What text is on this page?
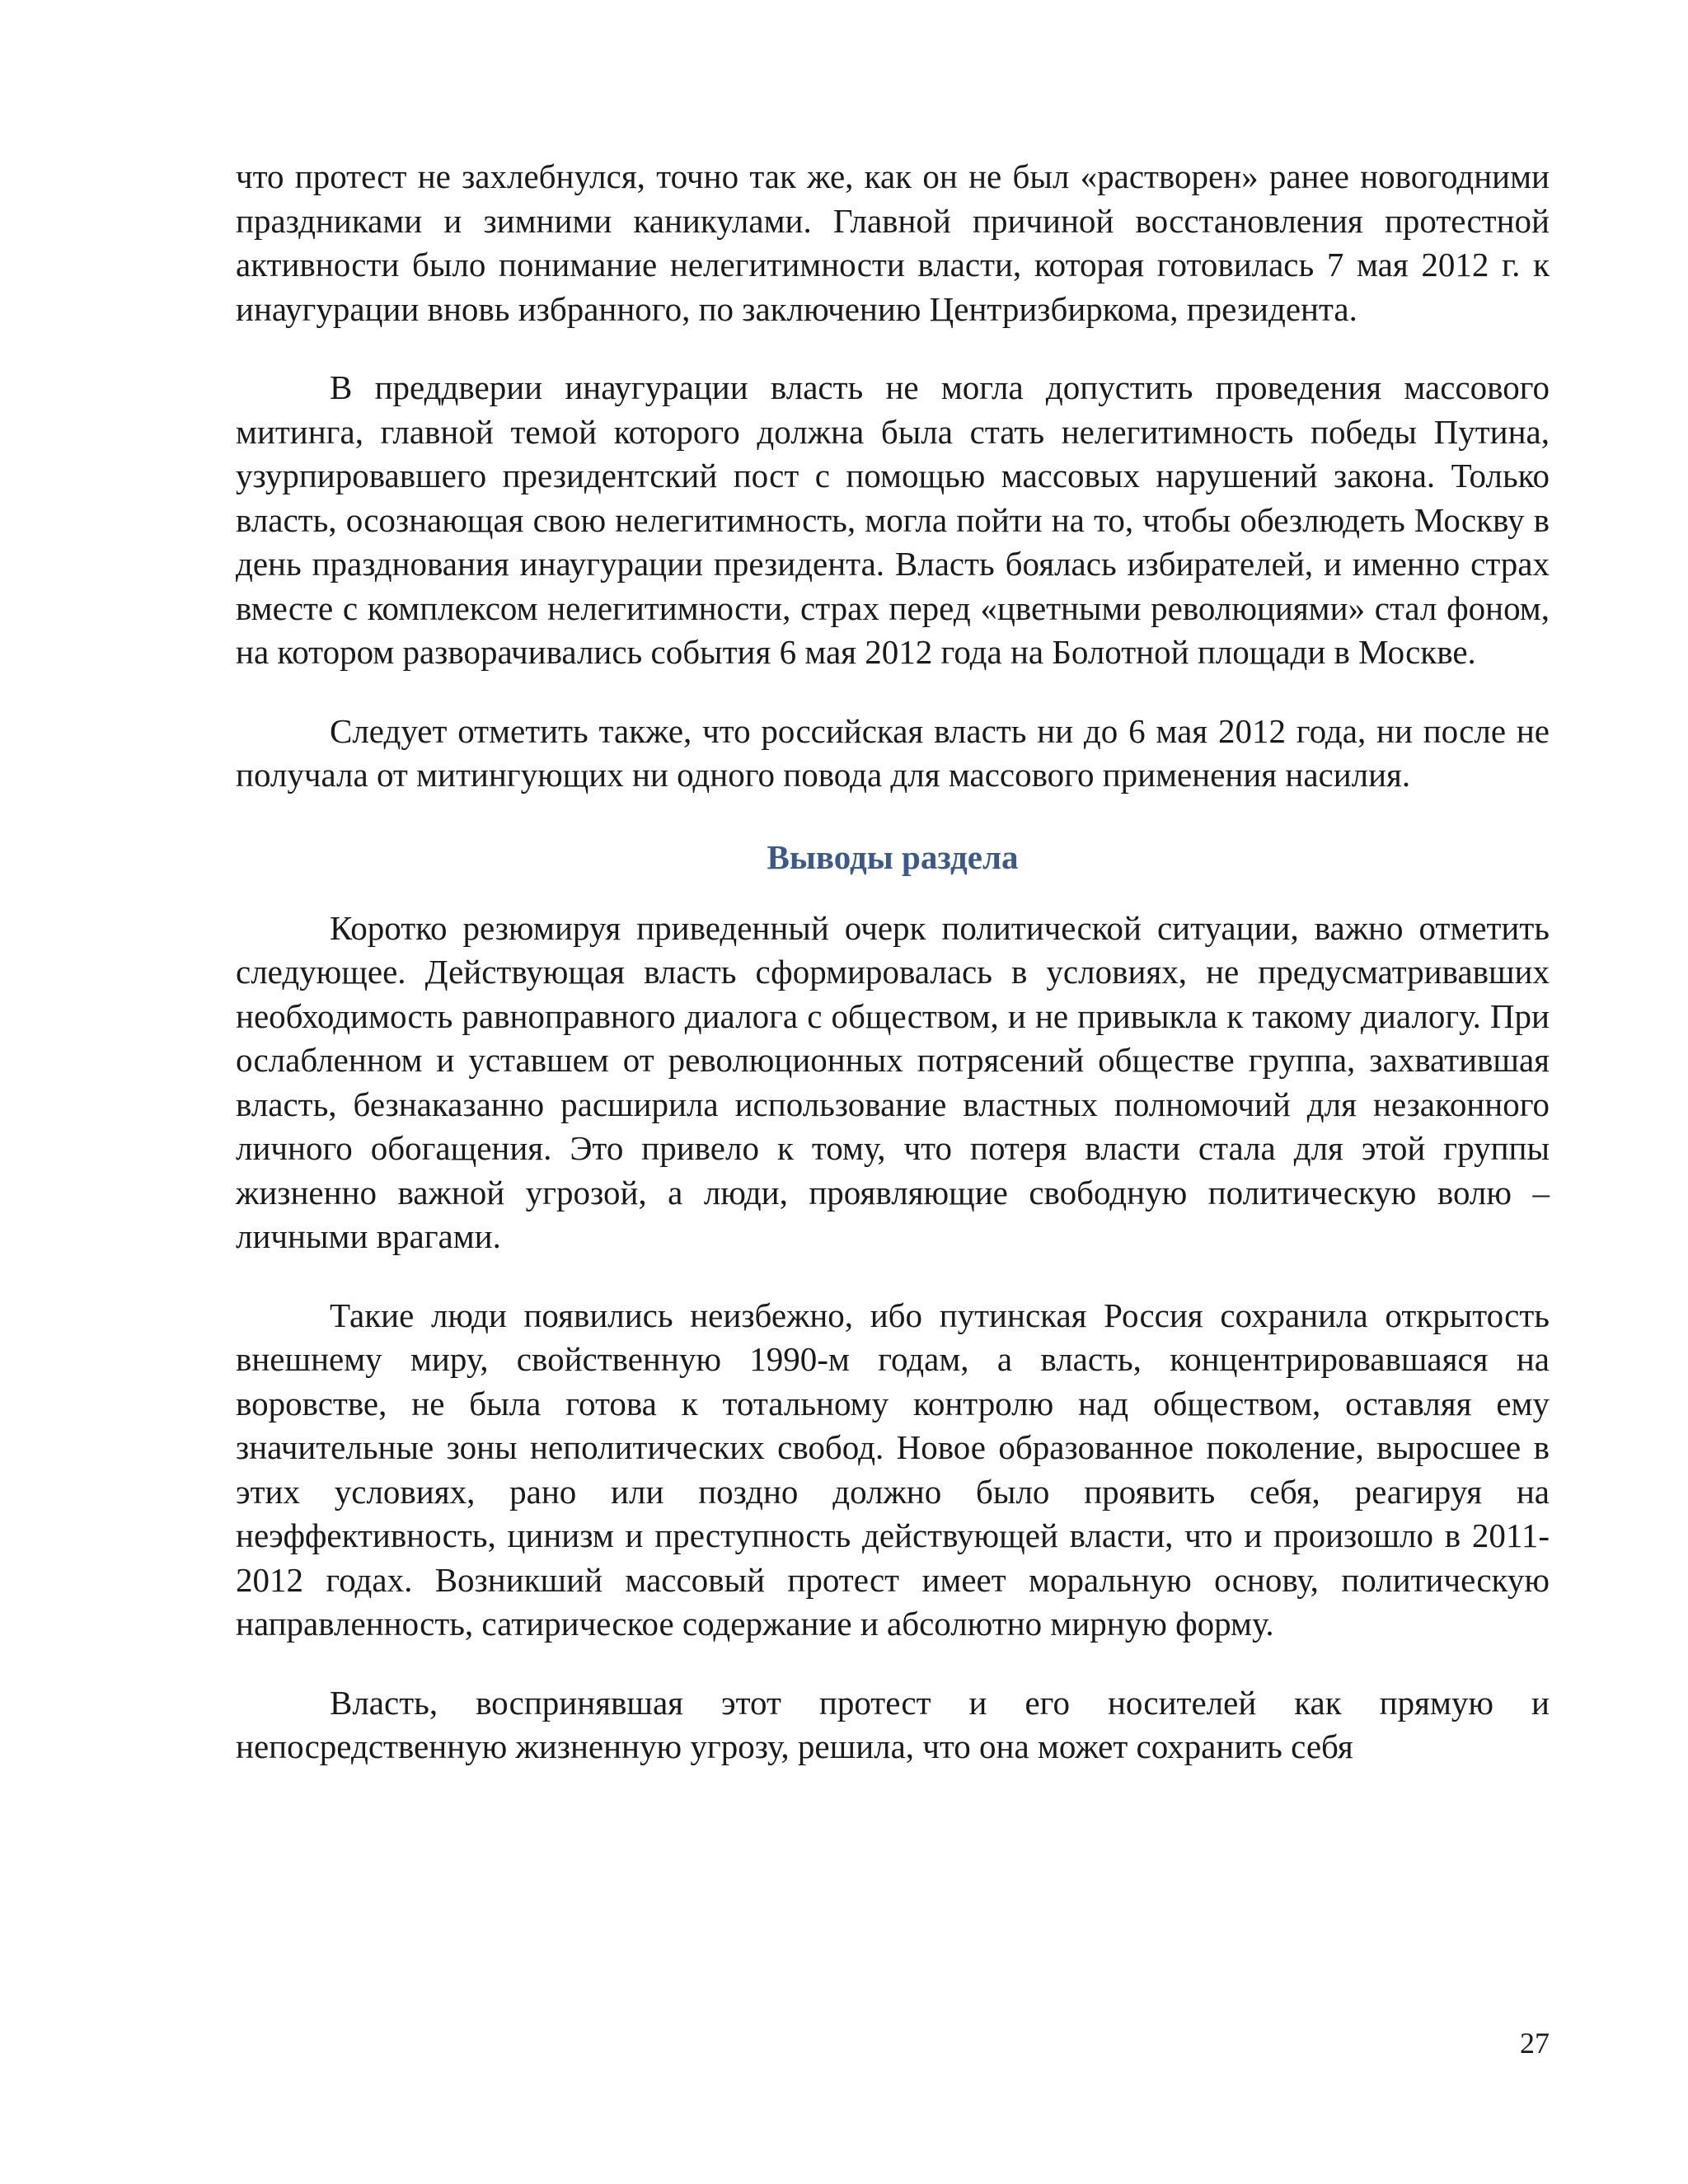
что протест не захлебнулся, точно так же, как он не был «растворен» ранее новогодними праздниками и зимними каникулами. Главной причиной восстановления протестной активности было понимание нелегитимности власти, которая готовилась 7 мая 2012 г. к инаугурации вновь избранного, по заключению Центризбиркома, президента.

В преддверии инаугурации власть не могла допустить проведения массового митинга, главной темой которого должна была стать нелегитимность победы Путина, узурпировавшего президентский пост с помощью массовых нарушений закона. Только власть, осознающая свою нелегитимность, могла пойти на то, чтобы обезлюдеть Москву в день празднования инаугурации президента. Власть боялась избирателей, и именно страх вместе с комплексом нелегитимности, страх перед «цветными революциями» стал фоном, на котором разворачивались события 6 мая 2012 года на Болотной площади в Москве.

Следует отметить также, что российская власть ни до 6 мая 2012 года, ни после не получала от митингующих ни одного повода для массового применения насилия.

Выводы раздела

Коротко резюмируя приведенный очерк политической ситуации, важно отметить следующее. Действующая власть сформировалась в условиях, не предусматривавших необходимость равноправного диалога с обществом, и не привыкла к такому диалогу. При ослабленном и уставшем от революционных потрясений обществе группа, захватившая власть, безнаказанно расширила использование властных полномочий для незаконного личного обогащения. Это привело к тому, что потеря власти стала для этой группы жизненно важной угрозой, а люди, проявляющие свободную политическую волю – личными врагами.

Такие люди появились неизбежно, ибо путинская Россия сохранила открытость внешнему миру, свойственную 1990-м годам, а власть, концентрировавшаяся на воровстве, не была готова к тотальному контролю над обществом, оставляя ему значительные зоны неполитических свобод. Новое образованное поколение, выросшее в этих условиях, рано или поздно должно было проявить себя, реагируя на неэффективность, цинизм и преступность действующей власти, что и произошло в 2011-2012 годах. Возникший массовый протест имеет моральную основу, политическую направленность, сатирическое содержание и абсолютно мирную форму.

Власть, воспринявшая этот протест и его носителей как прямую и непосредственную жизненную угрозу, решила, что она может сохранить себя

27
